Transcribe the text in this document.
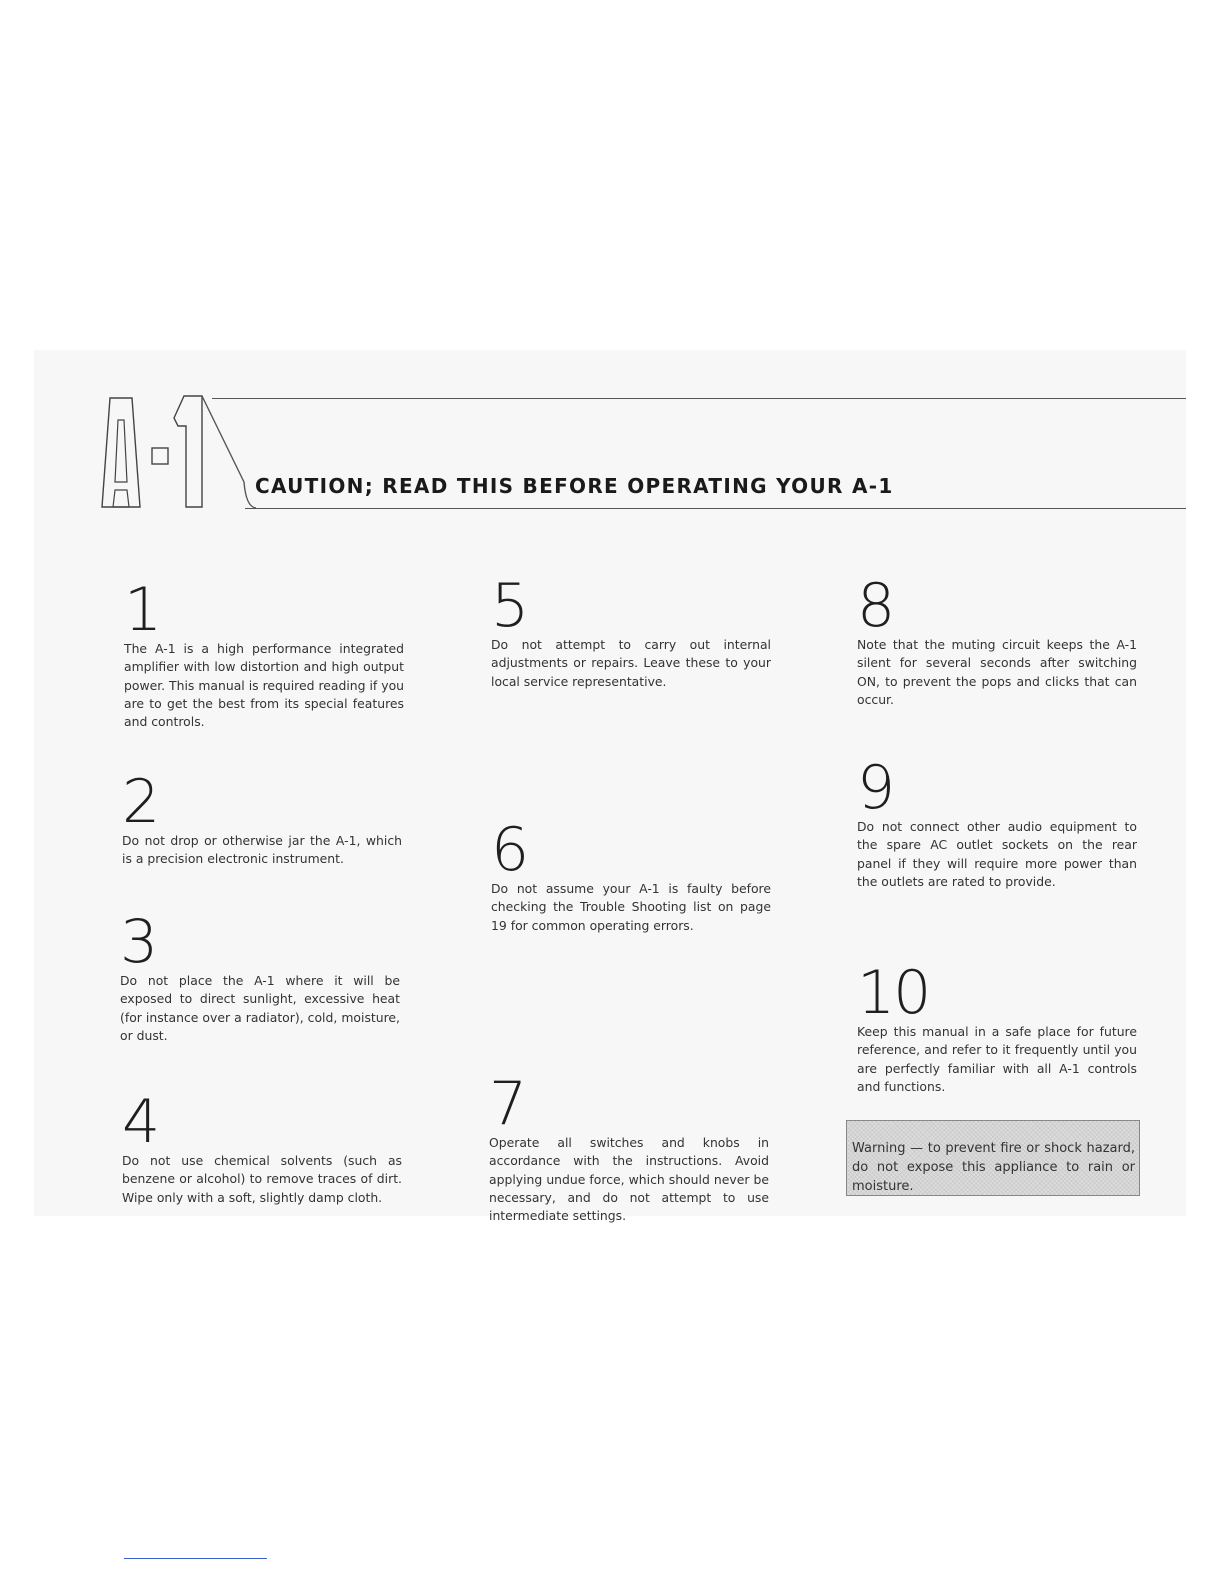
CAUTION; READ THIS BEFORE OPERATING YOUR A-1
1
The A-1 is a high performance integrated amplifier with low distortion and high output power. This manual is required reading if you are to get the best from its special features and controls.
2
Do not drop or otherwise jar the A-1, which is a precision electronic instrument.
3
Do not place the A-1 where it will be exposed to direct sunlight, excessive heat (for instance over a radiator), cold, moisture, or dust.
4
Do not use chemical solvents (such as benzene or alcohol) to remove traces of dirt. Wipe only with a soft, slightly damp cloth.
5
Do not attempt to carry out internal adjustments or repairs. Leave these to your local service representative.
6
Do not assume your A-1 is faulty before checking the Trouble Shooting list on page 19 for common operating errors.
7
Operate all switches and knobs in accordance with the instructions. Avoid applying undue force, which should never be necessary, and do not attempt to use intermediate settings.
8
Note that the muting circuit keeps the A-1 silent for several seconds after switching ON, to prevent the pops and clicks that can occur.
9
Do not connect other audio equipment to the spare AC outlet sockets on the rear panel if they will require more power than the outlets are rated to provide.
10
Keep this manual in a safe place for future reference, and refer to it frequently until you are perfectly familiar with all A-1 controls and functions.
Warning — to prevent fire or shock hazard, do not expose this appliance to rain or moisture.
